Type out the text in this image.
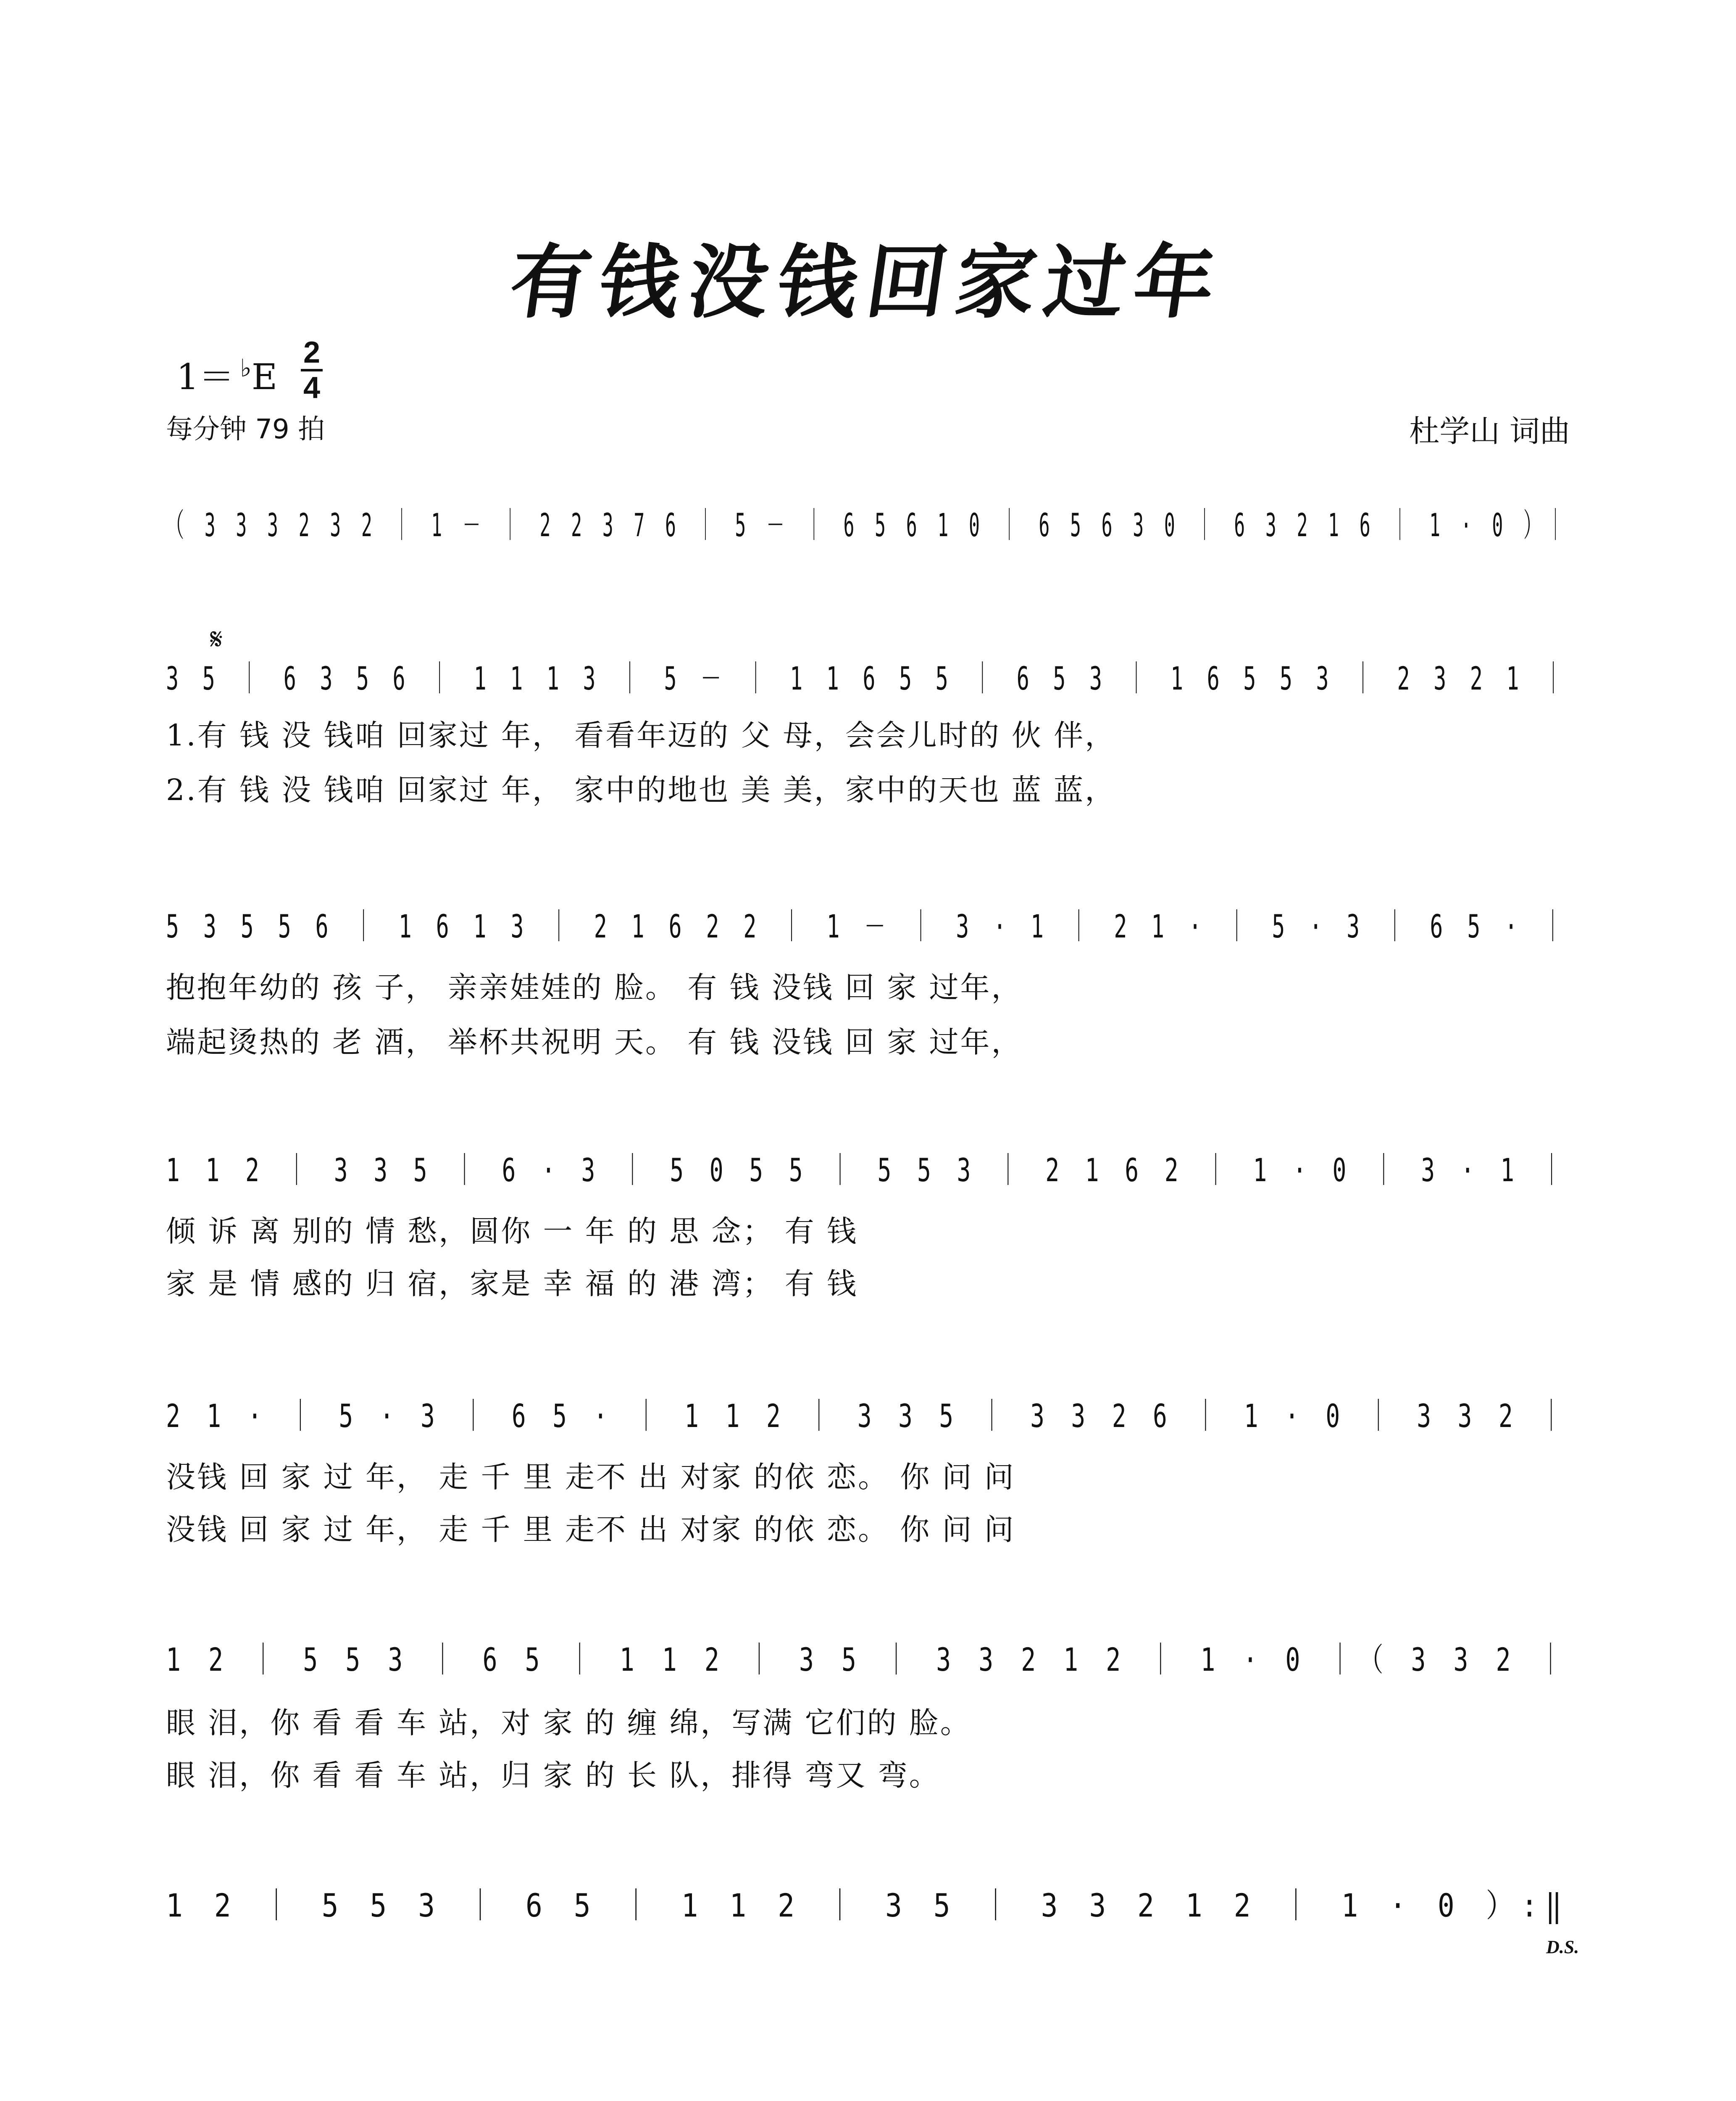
有钱没钱回家过年
1＝ ♭E
2
4
每分钟 79 拍	杜学山 词曲
𝄋
（ 3 3 3 2 3 2 ｜ 1 － ｜ 2 2 3 7 6 ｜ 5 － ｜ 6 5 6 1 0 ｜ 6 5 6 3 0 ｜ 6 3 2 1 6 ｜ 1 · 0 ）｜
3 5 ｜ 6 3 5 6 ｜ 1 1 1 3 ｜ 5 － ｜ 1 1 6 5 5 ｜ 6 5 3 ｜ 1 6 5 5 3 ｜ 2 3 2 1 ｜
1.有 钱 没 钱咱 回家过 年， 看看年迈的 父 母，会会儿时的 伙 伴，
2.有 钱 没 钱咱 回家过 年， 家中的地也 美 美，家中的天也 蓝 蓝，
5 3 5 5 6 ｜ 1 6 1 3 ｜ 2 1 6 2 2 ｜ 1 － ｜ 3 · 1 ｜ 2 1 · ｜ 5 · 3 ｜ 6 5 · ｜
抱抱年幼的 孩 子， 亲亲娃娃的 脸。 有 钱 没钱 回 家 过年，
端起烫热的 老 酒， 举杯共祝明 天。 有 钱 没钱 回 家 过年，
1 1 2 ｜ 3 3 5 ｜ 6 · 3 ｜ 5 0 5 5 ｜ 5 5 3 ｜ 2 1 6 2 ｜ 1 · 0 ｜ 3 · 1 ｜
倾 诉 离 别的 情 愁，圆你 一 年 的 思 念； 有 钱
家 是 情 感的 归 宿，家是 幸 福 的 港 湾； 有 钱
2 1 · ｜ 5 · 3 ｜ 6 5 · ｜ 1 1 2 ｜ 3 3 5 ｜ 3 3 2 6 ｜ 1 · 0 ｜ 3 3 2 ｜
没钱 回 家 过 年， 走 千 里 走不 出 对家 的依 恋。 你 问 问
没钱 回 家 过 年， 走 千 里 走不 出 对家 的依 恋。 你 问 问
1 2 ｜ 5 5 3 ｜ 6 5 ｜ 1 1 2 ｜ 3 5 ｜ 3 3 2 1 2 ｜ 1 · 0 ｜（ 3 3 2 ｜
眼 泪，你 看 看 车 站，对 家 的 缠 绵，写满 它们的 脸。
眼 泪，你 看 看 车 站，归 家 的 长 队，排得 弯又 弯。
1 2 ｜ 5 5 3 ｜ 6 5 ｜ 1 1 2 ｜ 3 5 ｜ 3 3 2 1 2 ｜ 1 · 0 ）:‖
D.S.
